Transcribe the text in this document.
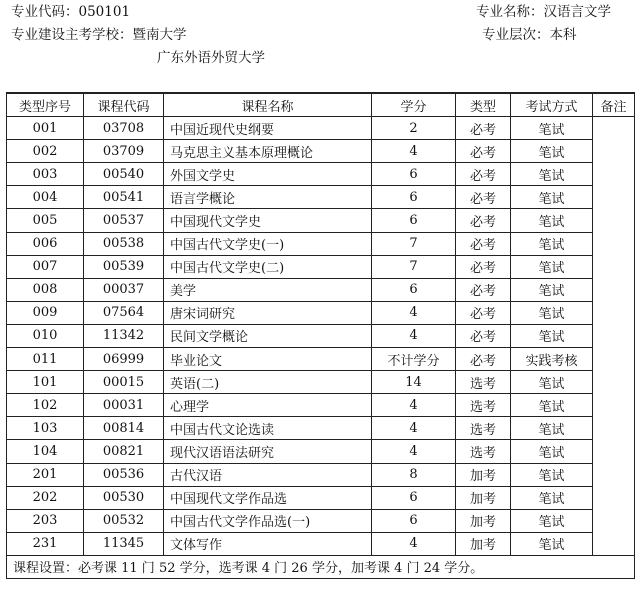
专业代码：050101
专业建设主考学校：暨南大学
广东外语外贸大学
专业名称：汉语言文学
专业层次：本科
类型序号	课程代码	课程名称	学分	类型	考试方式	备注
001	03708	中国近现代史纲要	2	必考	笔试	
002	03709	马克思主义基本原理概论	4	必考	笔试	
003	00540	外国文学史	6	必考	笔试	
004	00541	语言学概论	6	必考	笔试	
005	00537	中国现代文学史	6	必考	笔试	
006	00538	中国古代文学史(一)	7	必考	笔试	
007	00539	中国古代文学史(二)	7	必考	笔试	
008	00037	美学	6	必考	笔试	
009	07564	唐宋词研究	4	必考	笔试	
010	11342	民间文学概论	4	必考	笔试	
011	06999	毕业论文	不计学分	必考	实践考核	
101	00015	英语(二)	14	选考	笔试	
102	00031	心理学	4	选考	笔试	
103	00814	中国古代文论选读	4	选考	笔试	
104	00821	现代汉语语法研究	4	选考	笔试	
201	00536	古代汉语	8	加考	笔试	
202	00530	中国现代文学作品选	6	加考	笔试	
203	00532	中国古代文学作品选(一)	6	加考	笔试	
231	11345	文体写作	4	加考	笔试	
课程设置：必考课 11 门 52 学分，选考课 4 门 26 学分，加考课 4 门 24 学分。						
